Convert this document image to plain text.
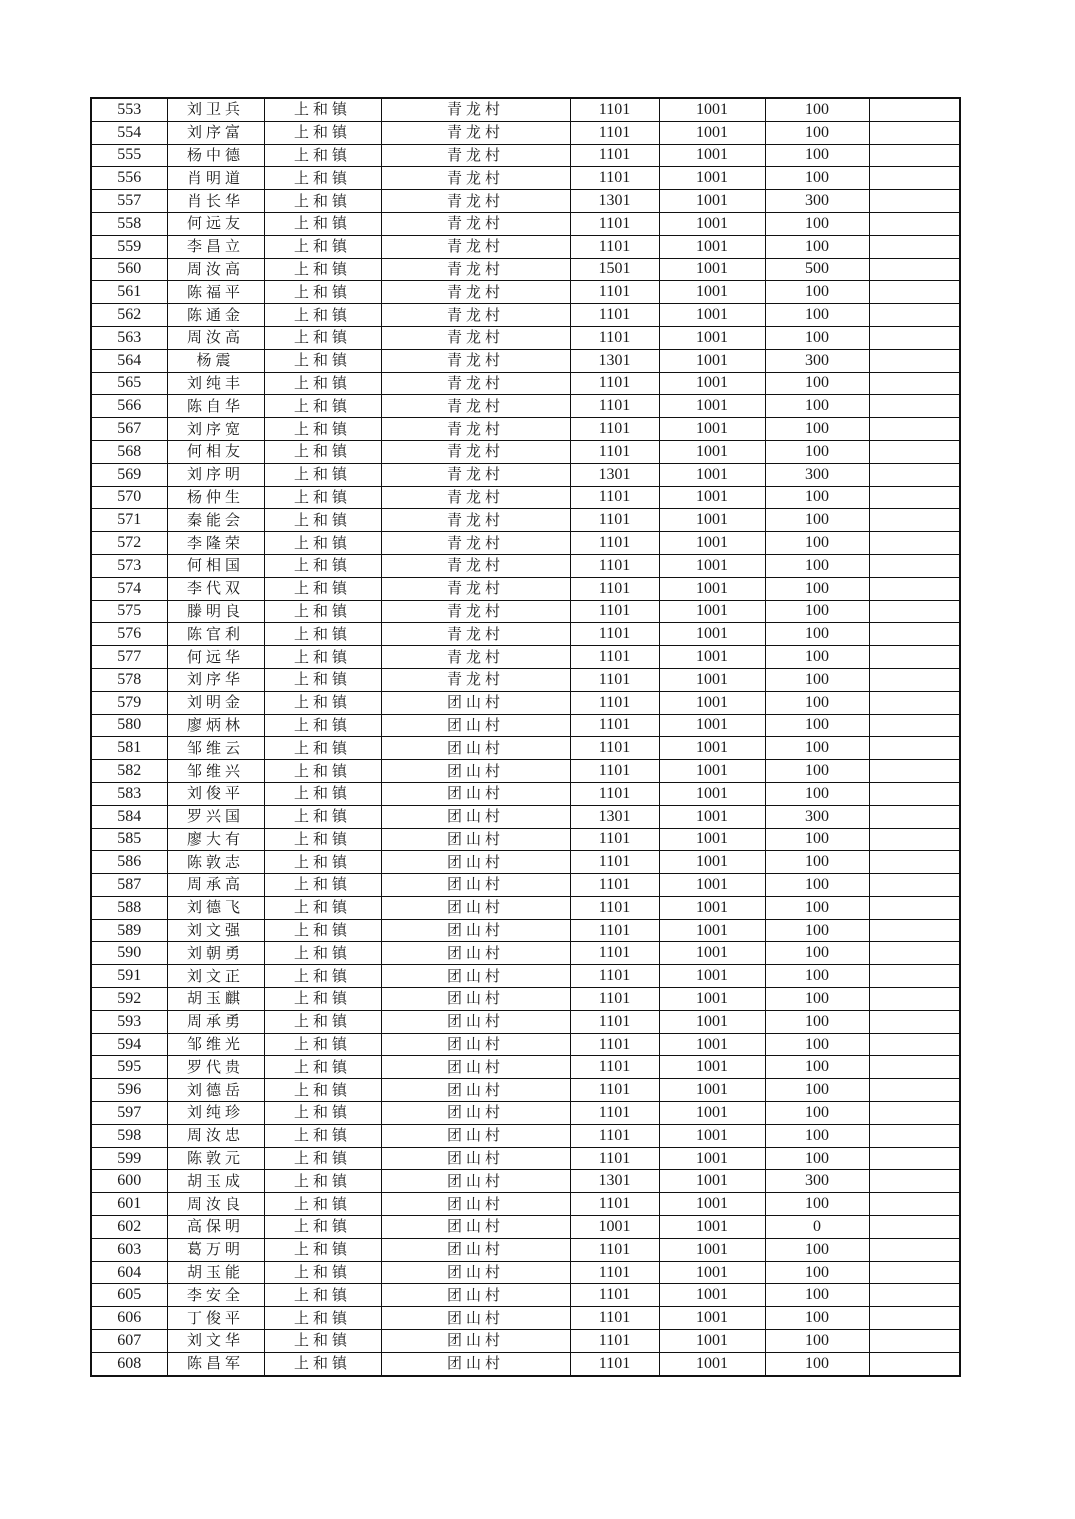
553	刘卫兵	上和镇	青龙村	1101	1001	100	
554	刘序富	上和镇	青龙村	1101	1001	100	
555	杨中德	上和镇	青龙村	1101	1001	100	
556	肖明道	上和镇	青龙村	1101	1001	100	
557	肖长华	上和镇	青龙村	1301	1001	300	
558	何远友	上和镇	青龙村	1101	1001	100	
559	李昌立	上和镇	青龙村	1101	1001	100	
560	周汝高	上和镇	青龙村	1501	1001	500	
561	陈福平	上和镇	青龙村	1101	1001	100	
562	陈通金	上和镇	青龙村	1101	1001	100	
563	周汝高	上和镇	青龙村	1101	1001	100	
564	杨震	上和镇	青龙村	1301	1001	300	
565	刘纯丰	上和镇	青龙村	1101	1001	100	
566	陈自华	上和镇	青龙村	1101	1001	100	
567	刘序宽	上和镇	青龙村	1101	1001	100	
568	何相友	上和镇	青龙村	1101	1001	100	
569	刘序明	上和镇	青龙村	1301	1001	300	
570	杨仲生	上和镇	青龙村	1101	1001	100	
571	秦能会	上和镇	青龙村	1101	1001	100	
572	李隆荣	上和镇	青龙村	1101	1001	100	
573	何相国	上和镇	青龙村	1101	1001	100	
574	李代双	上和镇	青龙村	1101	1001	100	
575	滕明良	上和镇	青龙村	1101	1001	100	
576	陈官利	上和镇	青龙村	1101	1001	100	
577	何远华	上和镇	青龙村	1101	1001	100	
578	刘序华	上和镇	青龙村	1101	1001	100	
579	刘明金	上和镇	团山村	1101	1001	100	
580	廖炳林	上和镇	团山村	1101	1001	100	
581	邹维云	上和镇	团山村	1101	1001	100	
582	邹维兴	上和镇	团山村	1101	1001	100	
583	刘俊平	上和镇	团山村	1101	1001	100	
584	罗兴国	上和镇	团山村	1301	1001	300	
585	廖大有	上和镇	团山村	1101	1001	100	
586	陈敦志	上和镇	团山村	1101	1001	100	
587	周承高	上和镇	团山村	1101	1001	100	
588	刘德飞	上和镇	团山村	1101	1001	100	
589	刘文强	上和镇	团山村	1101	1001	100	
590	刘朝勇	上和镇	团山村	1101	1001	100	
591	刘文正	上和镇	团山村	1101	1001	100	
592	胡玉麒	上和镇	团山村	1101	1001	100	
593	周承勇	上和镇	团山村	1101	1001	100	
594	邹维光	上和镇	团山村	1101	1001	100	
595	罗代贵	上和镇	团山村	1101	1001	100	
596	刘德岳	上和镇	团山村	1101	1001	100	
597	刘纯珍	上和镇	团山村	1101	1001	100	
598	周汝忠	上和镇	团山村	1101	1001	100	
599	陈敦元	上和镇	团山村	1101	1001	100	
600	胡玉成	上和镇	团山村	1301	1001	300	
601	周汝良	上和镇	团山村	1101	1001	100	
602	高保明	上和镇	团山村	1001	1001	0	
603	葛万明	上和镇	团山村	1101	1001	100	
604	胡玉能	上和镇	团山村	1101	1001	100	
605	李安全	上和镇	团山村	1101	1001	100	
606	丁俊平	上和镇	团山村	1101	1001	100	
607	刘文华	上和镇	团山村	1101	1001	100	
608	陈昌军	上和镇	团山村	1101	1001	100	
